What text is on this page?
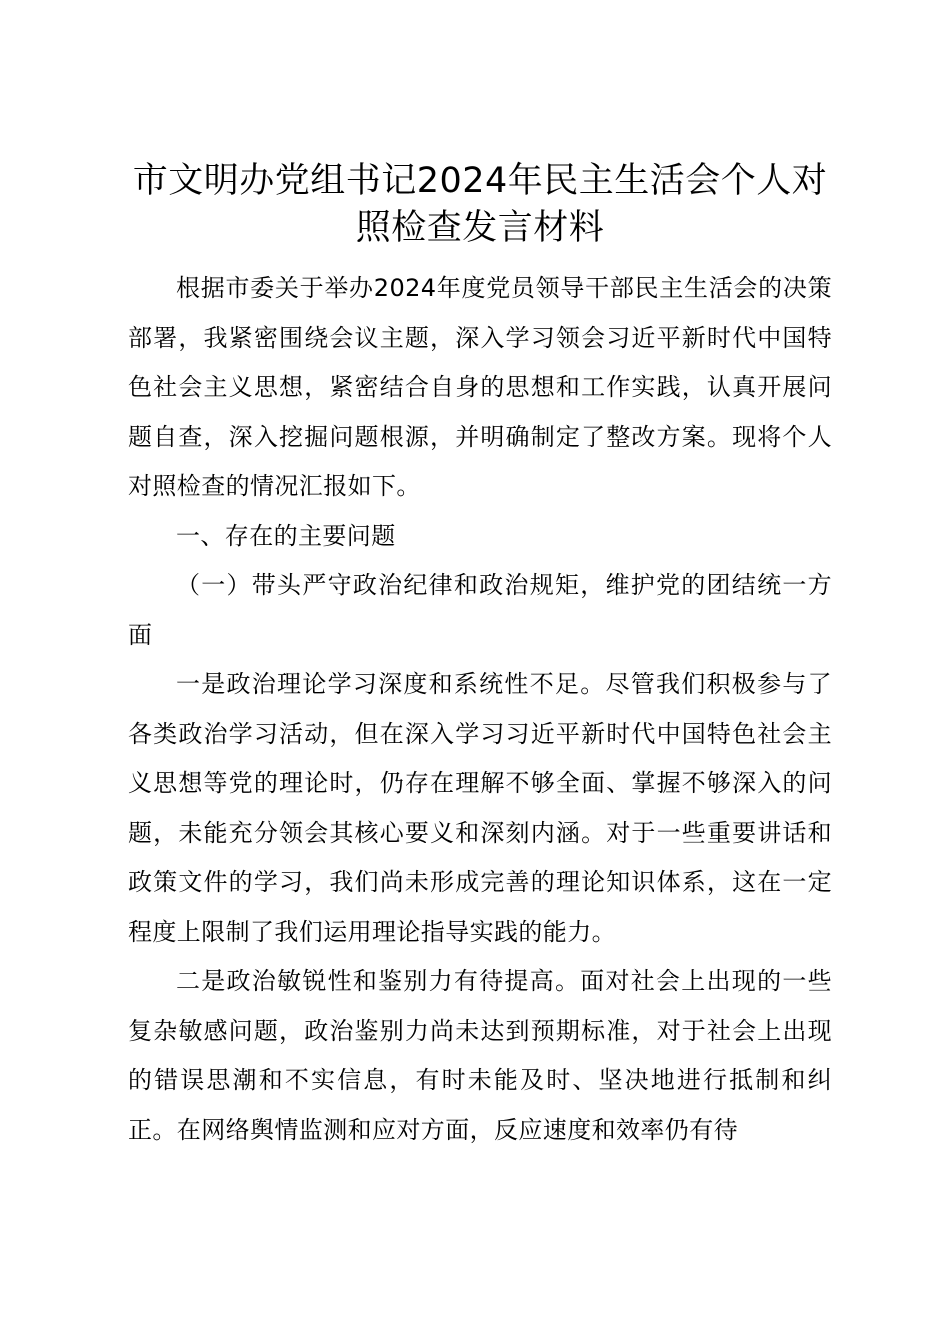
市文明办党组书记2024年民主生活会个人对照检查发言材料

根据市委关于举办2024年度党员领导干部民主生活会的决策部署，我紧密围绕会议主题，深入学习领会习近平新时代中国特色社会主义思想，紧密结合自身的思想和工作实践，认真开展问题自查，深入挖掘问题根源，并明确制定了整改方案。现将个人对照检查的情况汇报如下。

一、存在的主要问题

（一）带头严守政治纪律和政治规矩，维护党的团结统一方面

一是政治理论学习深度和系统性不足。尽管我们积极参与了各类政治学习活动，但在深入学习习近平新时代中国特色社会主义思想等党的理论时，仍存在理解不够全面、掌握不够深入的问题，未能充分领会其核心要义和深刻内涵。对于一些重要讲话和政策文件的学习，我们尚未形成完善的理论知识体系，这在一定程度上限制了我们运用理论指导实践的能力。

二是政治敏锐性和鉴别力有待提高。面对社会上出现的一些复杂敏感问题，政治鉴别力尚未达到预期标准，对于社会上出现的错误思潮和不实信息，有时未能及时、坚决地进行抵制和纠正。在网络舆情监测和应对方面，反应速度和效率仍有待
